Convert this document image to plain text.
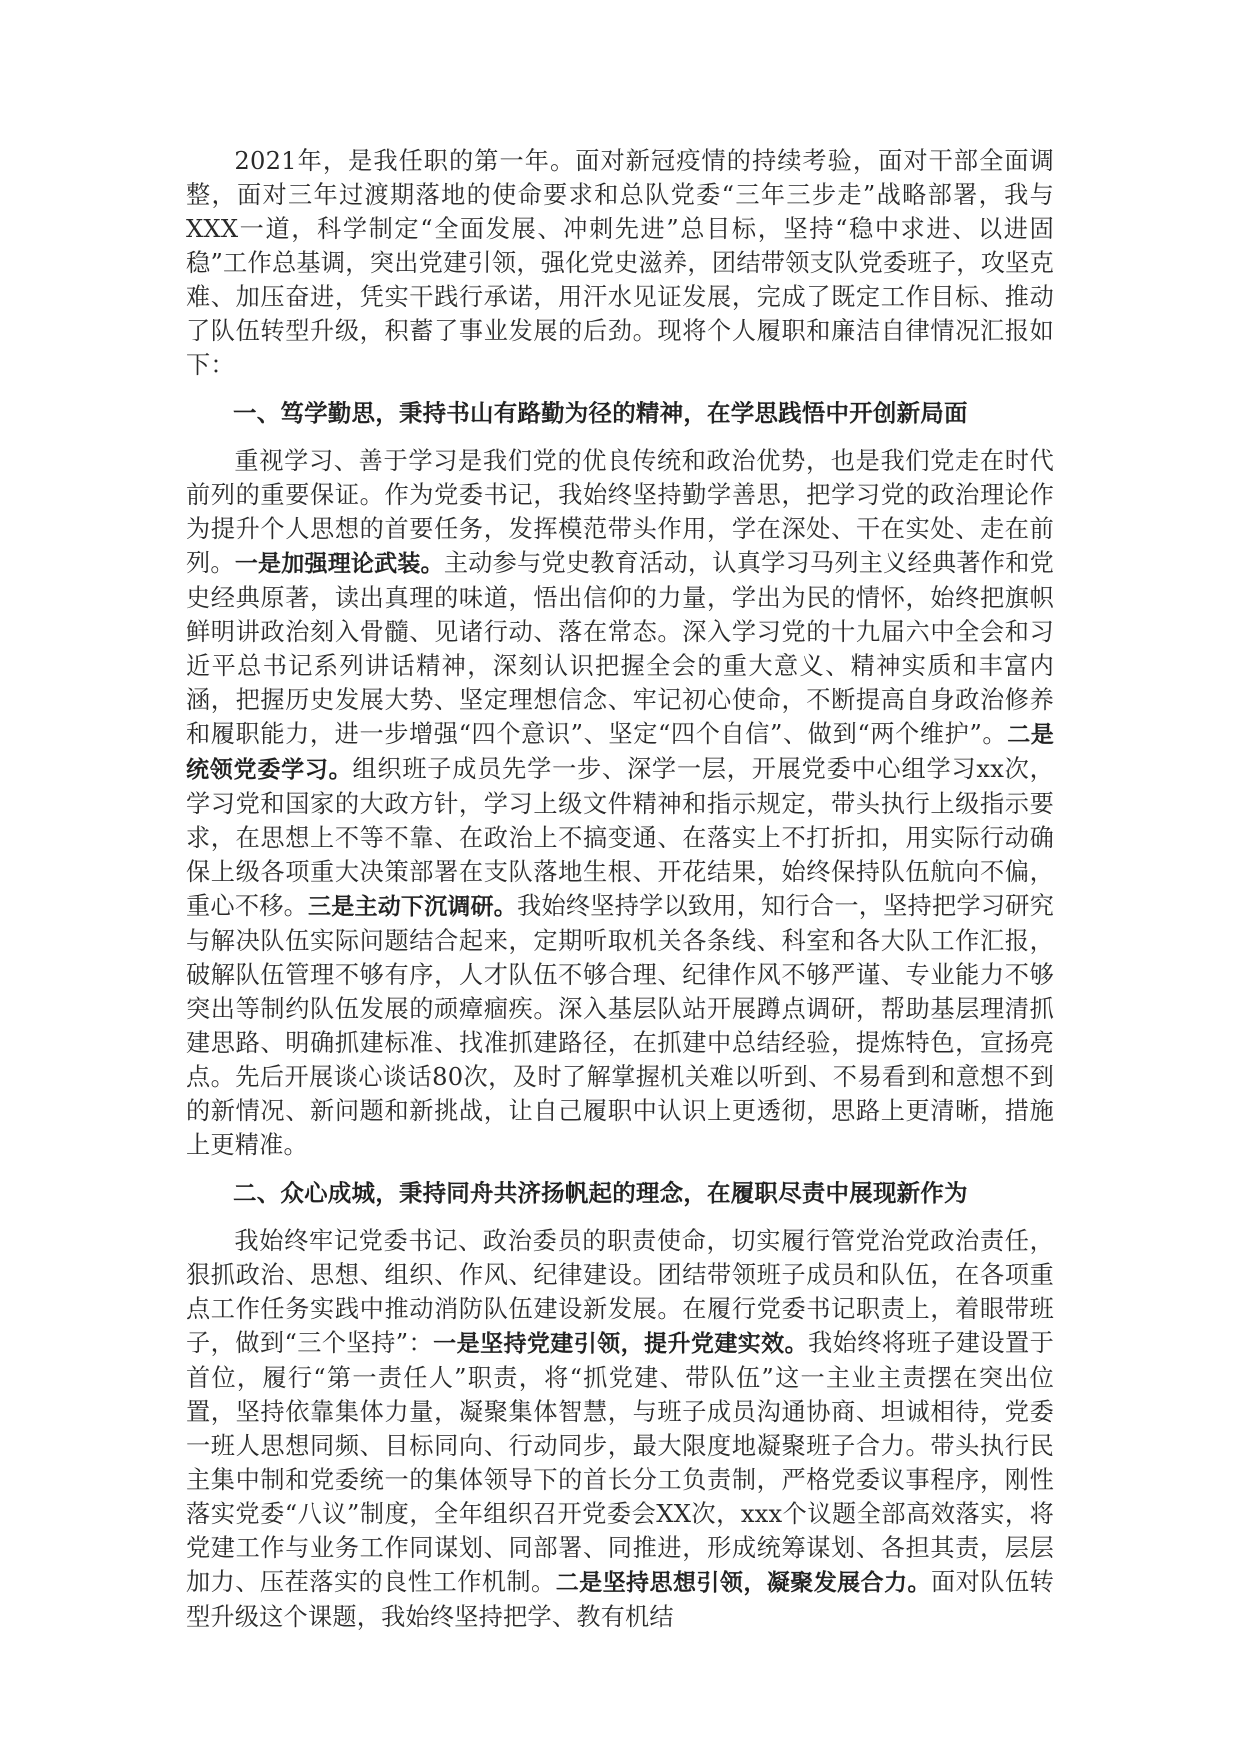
2021年，是我任职的第一年。面对新冠疫情的持续考验，面对干部全面调整，面对三年过渡期落地的使命要求和总队党委“三年三步走”战略部署，我与XXX一道，科学制定“全面发展、冲刺先进”总目标，坚持“稳中求进、以进固稳”工作总基调，突出党建引领，强化党史滋养，团结带领支队党委班子，攻坚克难、加压奋进，凭实干践行承诺，用汗水见证发展，完成了既定工作目标、推动了队伍转型升级，积蓄了事业发展的后劲。现将个人履职和廉洁自律情况汇报如下：

一、笃学勤思，秉持书山有路勤为径的精神，在学思践悟中开创新局面

重视学习、善于学习是我们党的优良传统和政治优势，也是我们党走在时代前列的重要保证。作为党委书记，我始终坚持勤学善思，把学习党的政治理论作为提升个人思想的首要任务，发挥模范带头作用，学在深处、干在实处、走在前列。一是加强理论武装。主动参与党史教育活动，认真学习马列主义经典著作和党史经典原著，读出真理的味道，悟出信仰的力量，学出为民的情怀，始终把旗帜鲜明讲政治刻入骨髓、见诸行动、落在常态。深入学习党的十九届六中全会和习近平总书记系列讲话精神，深刻认识把握全会的重大意义、精神实质和丰富内涵，把握历史发展大势、坚定理想信念、牢记初心使命，不断提高自身政治修养和履职能力，进一步增强“四个意识”、坚定“四个自信”、做到“两个维护”。二是统领党委学习。组织班子成员先学一步、深学一层，开展党委中心组学习xx次，学习党和国家的大政方针，学习上级文件精神和指示规定，带头执行上级指示要求，在思想上不等不靠、在政治上不搞变通、在落实上不打折扣，用实际行动确保上级各项重大决策部署在支队落地生根、开花结果，始终保持队伍航向不偏，重心不移。三是主动下沉调研。我始终坚持学以致用，知行合一，坚持把学习研究与解决队伍实际问题结合起来，定期听取机关各条线、科室和各大队工作汇报，破解队伍管理不够有序，人才队伍不够合理、纪律作风不够严谨、专业能力不够突出等制约队伍发展的顽瘴痼疾。深入基层队站开展蹲点调研，帮助基层理清抓建思路、明确抓建标准、找准抓建路径，在抓建中总结经验，提炼特色，宣扬亮点。先后开展谈心谈话80次，及时了解掌握机关难以听到、不易看到和意想不到的新情况、新问题和新挑战，让自己履职中认识上更透彻，思路上更清晰，措施上更精准。

二、众心成城，秉持同舟共济扬帆起的理念，在履职尽责中展现新作为

我始终牢记党委书记、政治委员的职责使命，切实履行管党治党政治责任，狠抓政治、思想、组织、作风、纪律建设。团结带领班子成员和队伍，在各项重点工作任务实践中推动消防队伍建设新发展。在履行党委书记职责上，着眼带班子，做到“三个坚持”：一是坚持党建引领，提升党建实效。我始终将班子建设置于首位，履行“第一责任人”职责，将“抓党建、带队伍”这一主业主责摆在突出位置，坚持依靠集体力量，凝聚集体智慧，与班子成员沟通协商、坦诚相待，党委一班人思想同频、目标同向、行动同步，最大限度地凝聚班子合力。带头执行民主集中制和党委统一的集体领导下的首长分工负责制，严格党委议事程序，刚性落实党委“八议”制度，全年组织召开党委会XX次，xxx个议题全部高效落实，将党建工作与业务工作同谋划、同部署、同推进，形成统筹谋划、各担其责，层层加力、压茬落实的良性工作机制。二是坚持思想引领，凝聚发展合力。面对队伍转型升级这个课题，我始终坚持把学、教有机结
